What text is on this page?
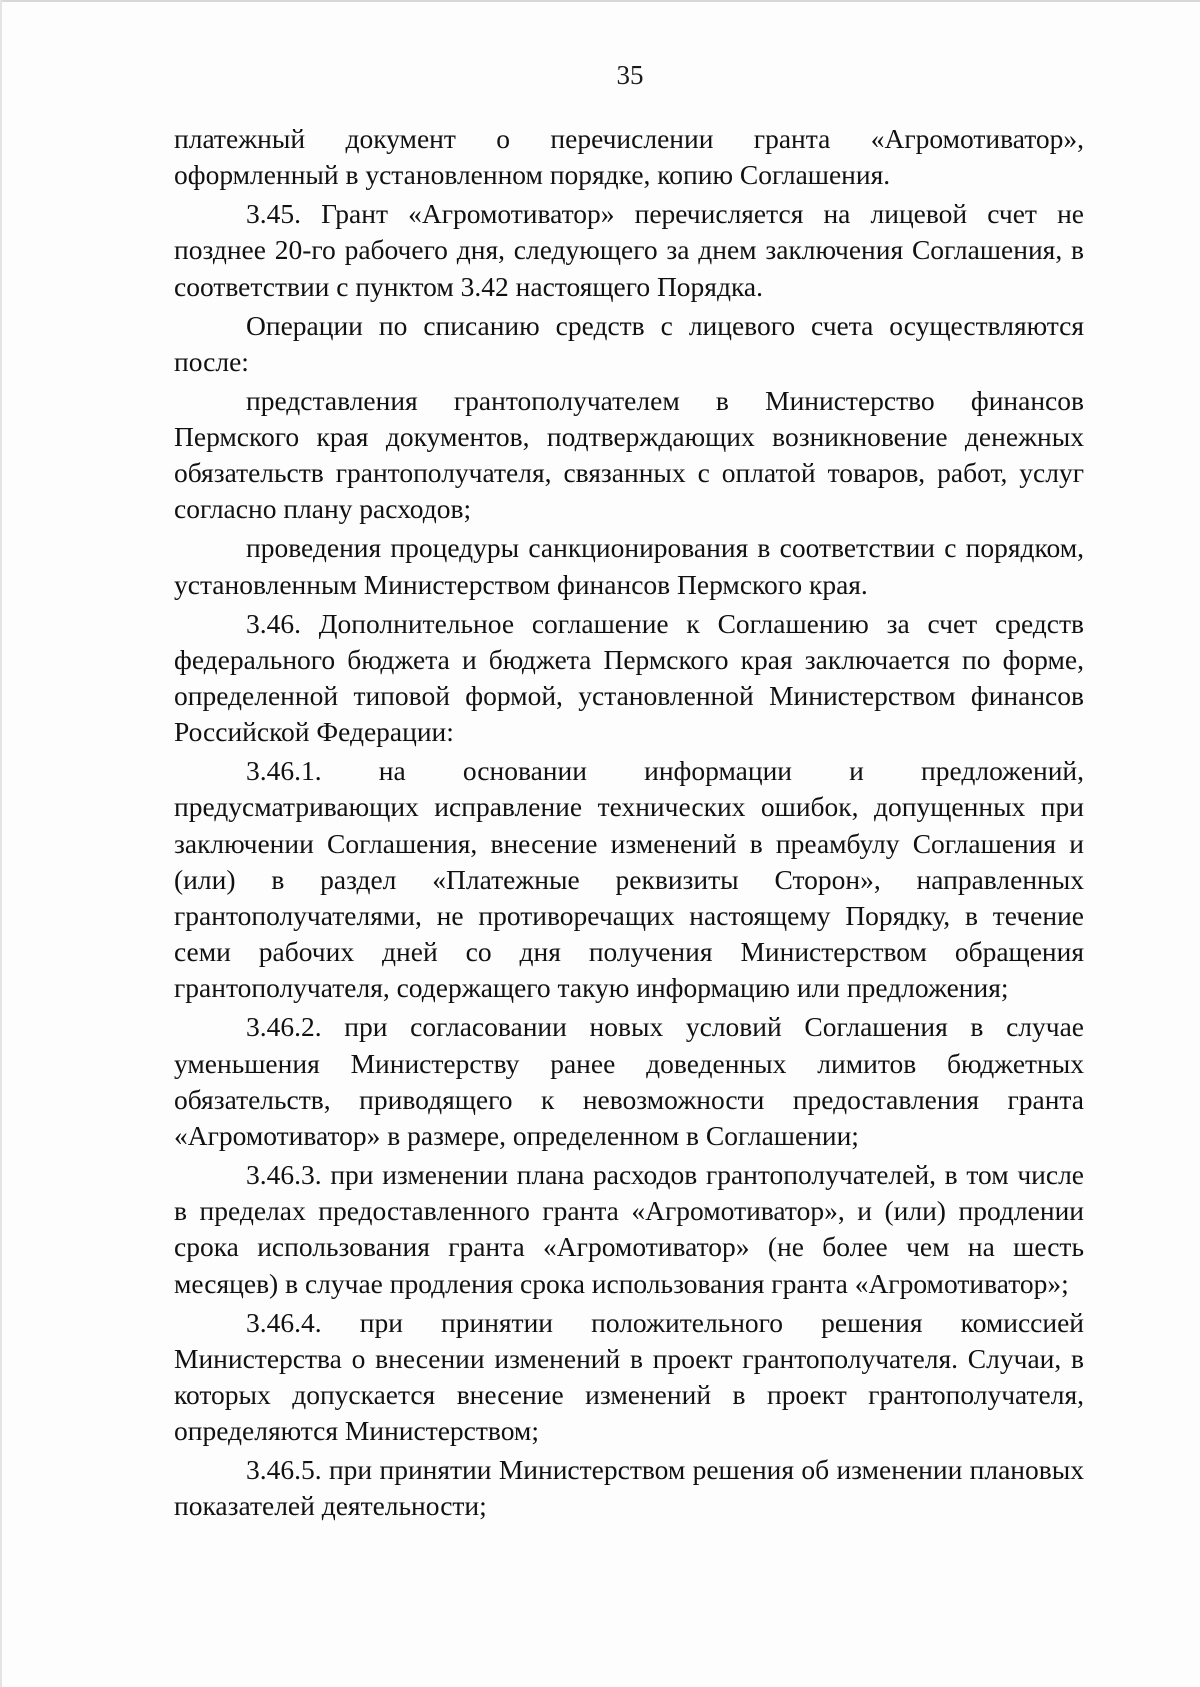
35

платежный документ о перечислении гранта «Агромотиватор», оформленный в установленном порядке, копию Соглашения.

3.45. Грант «Агромотиватор» перечисляется на лицевой счет не позднее 20-го рабочего дня, следующего за днем заключения Соглашения, в соответствии с пунктом 3.42 настоящего Порядка.

Операции по списанию средств с лицевого счета осуществляются после:

представления грантополучателем в Министерство финансов Пермского края документов, подтверждающих возникновение денежных обязательств грантополучателя, связанных с оплатой товаров, работ, услуг согласно плану расходов;

проведения процедуры санкционирования в соответствии с порядком, установленным Министерством финансов Пермского края.

3.46. Дополнительное соглашение к Соглашению за счет средств федерального бюджета и бюджета Пермского края заключается по форме, определенной типовой формой, установленной Министерством финансов Российской Федерации:

3.46.1. на основании информации и предложений, предусматривающих исправление технических ошибок, допущенных при заключении Соглашения, внесение изменений в преамбулу Соглашения и (или) в раздел «Платежные реквизиты Сторон», направленных грантополучателями, не противоречащих настоящему Порядку, в течение семи рабочих дней со дня получения Министерством обращения грантополучателя, содержащего такую информацию или предложения;

3.46.2. при согласовании новых условий Соглашения в случае уменьшения Министерству ранее доведенных лимитов бюджетных обязательств, приводящего к невозможности предоставления гранта «Агромотиватор» в размере, определенном в Соглашении;

3.46.3. при изменении плана расходов грантополучателей, в том числе в пределах предоставленного гранта «Агромотиватор», и (или) продлении срока использования гранта «Агромотиватор» (не более чем на шесть месяцев) в случае продления срока использования гранта «Агромотиватор»;

3.46.4. при принятии положительного решения комиссией Министерства о внесении изменений в проект грантополучателя. Случаи, в которых допускается внесение изменений в проект грантополучателя, определяются Министерством;

3.46.5. при принятии Министерством решения об изменении плановых показателей деятельности;
